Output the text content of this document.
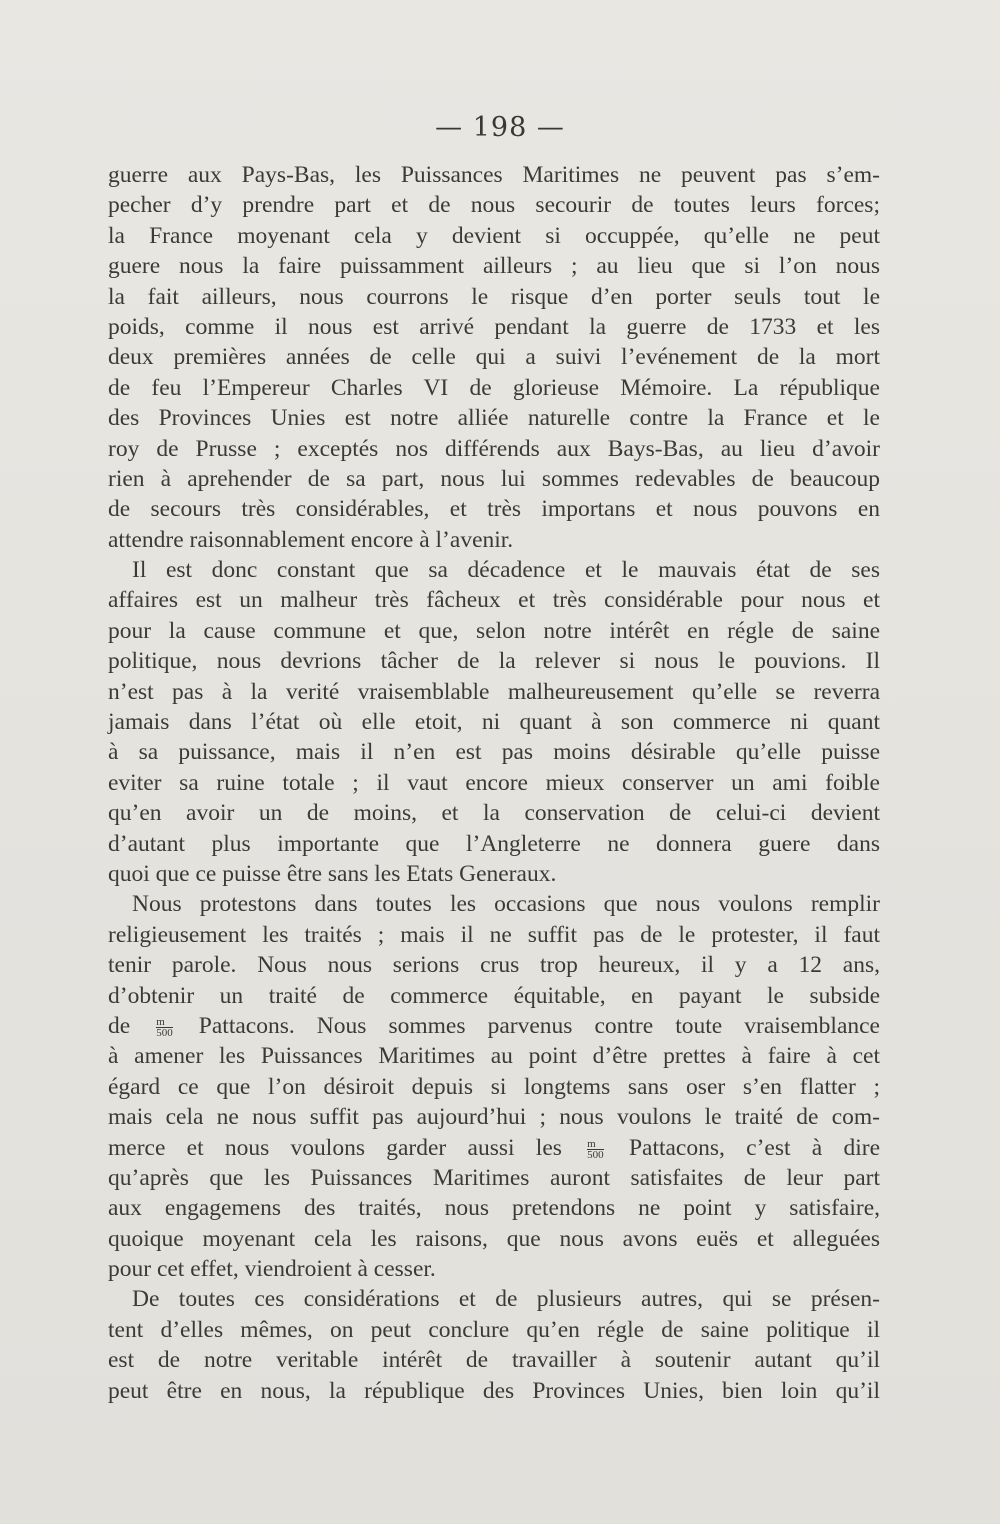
— 198 —
guerre aux Pays-Bas, les Puissances Maritimes ne peuvent pas s’em-
pecher d’y prendre part et de nous secourir de toutes leurs forces;
la France moyenant cela y devient si occuppée, qu’elle ne peut
guere nous la faire puissamment ailleurs ; au lieu que si l’on nous
la fait ailleurs, nous courrons le risque d’en porter seuls tout le
poids, comme il nous est arrivé pendant la guerre de 1733 et les
deux premières années de celle qui a suivi l’evénement de la mort
de feu l’Empereur Charles VI de glorieuse Mémoire. La république
des Provinces Unies est notre alliée naturelle contre la France et le
roy de Prusse ; exceptés nos différends aux Bays-Bas, au lieu d’avoir
rien à aprehender de sa part, nous lui sommes redevables de beaucoup
de secours très considérables, et très importans et nous pouvons en
attendre raisonnablement encore à l’avenir.
Il est donc constant que sa décadence et le mauvais état de ses
affaires est un malheur très fâcheux et très considérable pour nous et
pour la cause commune et que, selon notre intérêt en régle de saine
politique, nous devrions tâcher de la relever si nous le pouvions. Il
n’est pas à la verité vraisemblable malheureusement qu’elle se reverra
jamais dans l’état où elle etoit, ni quant à son commerce ni quant
à sa puissance, mais il n’en est pas moins désirable qu’elle puisse
eviter sa ruine totale ; il vaut encore mieux conserver un ami foible
qu’en avoir un de moins, et la conservation de celui-ci devient
d’autant plus importante que l’Angleterre ne donnera guere dans
quoi que ce puisse être sans les Etats Generaux.
Nous protestons dans toutes les occasions que nous voulons remplir
religieusement les traités ; mais il ne suffit pas de le protester, il faut
tenir parole. Nous nous serions crus trop heureux, il y a 12 ans,
d’obtenir un traité de commerce équitable, en payant le subside
de $\frac{m}{500}$ Pattacons. Nous sommes parvenus contre toute vraisemblance
à amener les Puissances Maritimes au point d’être prettes à faire à cet
égard ce que l’on désiroit depuis si longtems sans oser s’en flatter ;
mais cela ne nous suffit pas aujourd’hui ; nous voulons le traité de com-
merce et nous voulons garder aussi les $\frac{m}{500}$ Pattacons, c’est à dire
qu’après que les Puissances Maritimes auront satisfaites de leur part
aux engagemens des traités, nous pretendons ne point y satisfaire,
quoique moyenant cela les raisons, que nous avons euës et alleguées
pour cet effet, viendroient à cesser.
De toutes ces considérations et de plusieurs autres, qui se présen-
tent d’elles mêmes, on peut conclure qu’en régle de saine politique il
est de notre veritable intérêt de travailler à soutenir autant qu’il
peut être en nous, la république des Provinces Unies, bien loin qu’il
